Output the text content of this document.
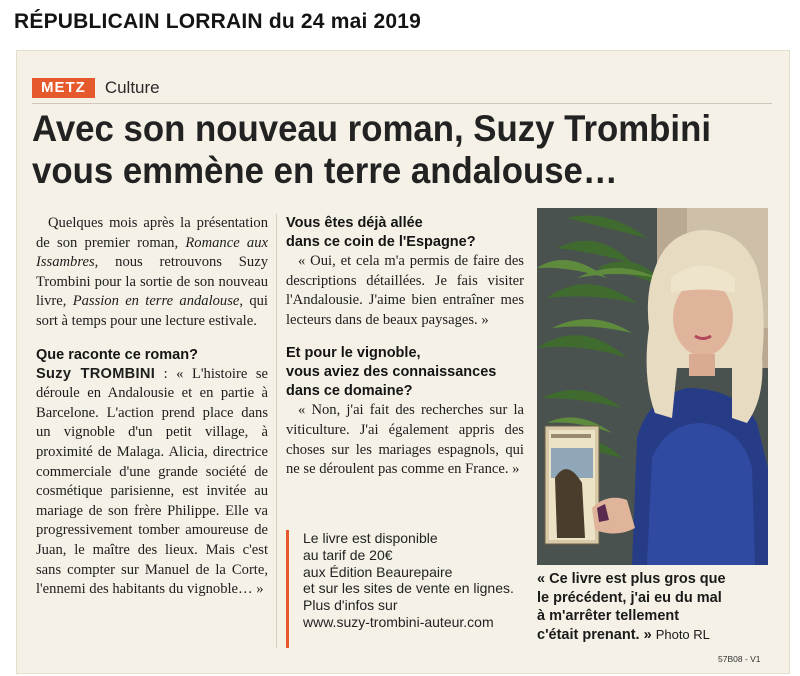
RÉPUBLICAIN LORRAIN du 24 mai 2019
METZ	Culture
Avec son nouveau roman, Suzy Trombini
vous emmène en terre andalouse…

Quelques mois après la présentation de son premier roman, Romance aux Issambres, nous retrouvons Suzy Trombini pour la sortie de son nouveau livre, Passion en terre andalouse, qui sort à temps pour une lecture estivale.

Que raconte ce roman?

Suzy TROMBINI : « L'histoire se déroule en Andalousie et en partie à Barcelone. L'action prend place dans un vignoble d'un petit village, à proximité de Malaga. Alicia, directrice commerciale d'une grande société de cosmétique parisienne, est invitée au mariage de son frère Philippe. Elle va progressivement tomber amoureuse de Juan, le maître des lieux. Mais c'est sans compter sur Manuel de la Corte, l'ennemi des habitants du vignoble… »

Vous êtes déjà allée
dans ce coin de l'Espagne?

« Oui, et cela m'a permis de faire des descriptions détaillées. Je fais visiter l'Andalousie. J'aime bien entraîner mes lecteurs dans de beaux paysages. »

Et pour le vignoble,
vous aviez des connaissances
dans ce domaine?

« Non, j'ai fait des recherches sur la viticulture. J'ai également appris des choses sur les mariages espagnols, qui ne se déroulent pas comme en France. »

Le livre est disponible
au tarif de 20€
aux Édition Beaurepaire
et sur les sites de vente en lignes.
Plus d'infos sur
www.suzy-trombini-auteur.com
« Ce livre est plus gros que
le précédent, j'ai eu du mal
à m'arrêter tellement
c'était prenant. » Photo RL
57B08 - V1
